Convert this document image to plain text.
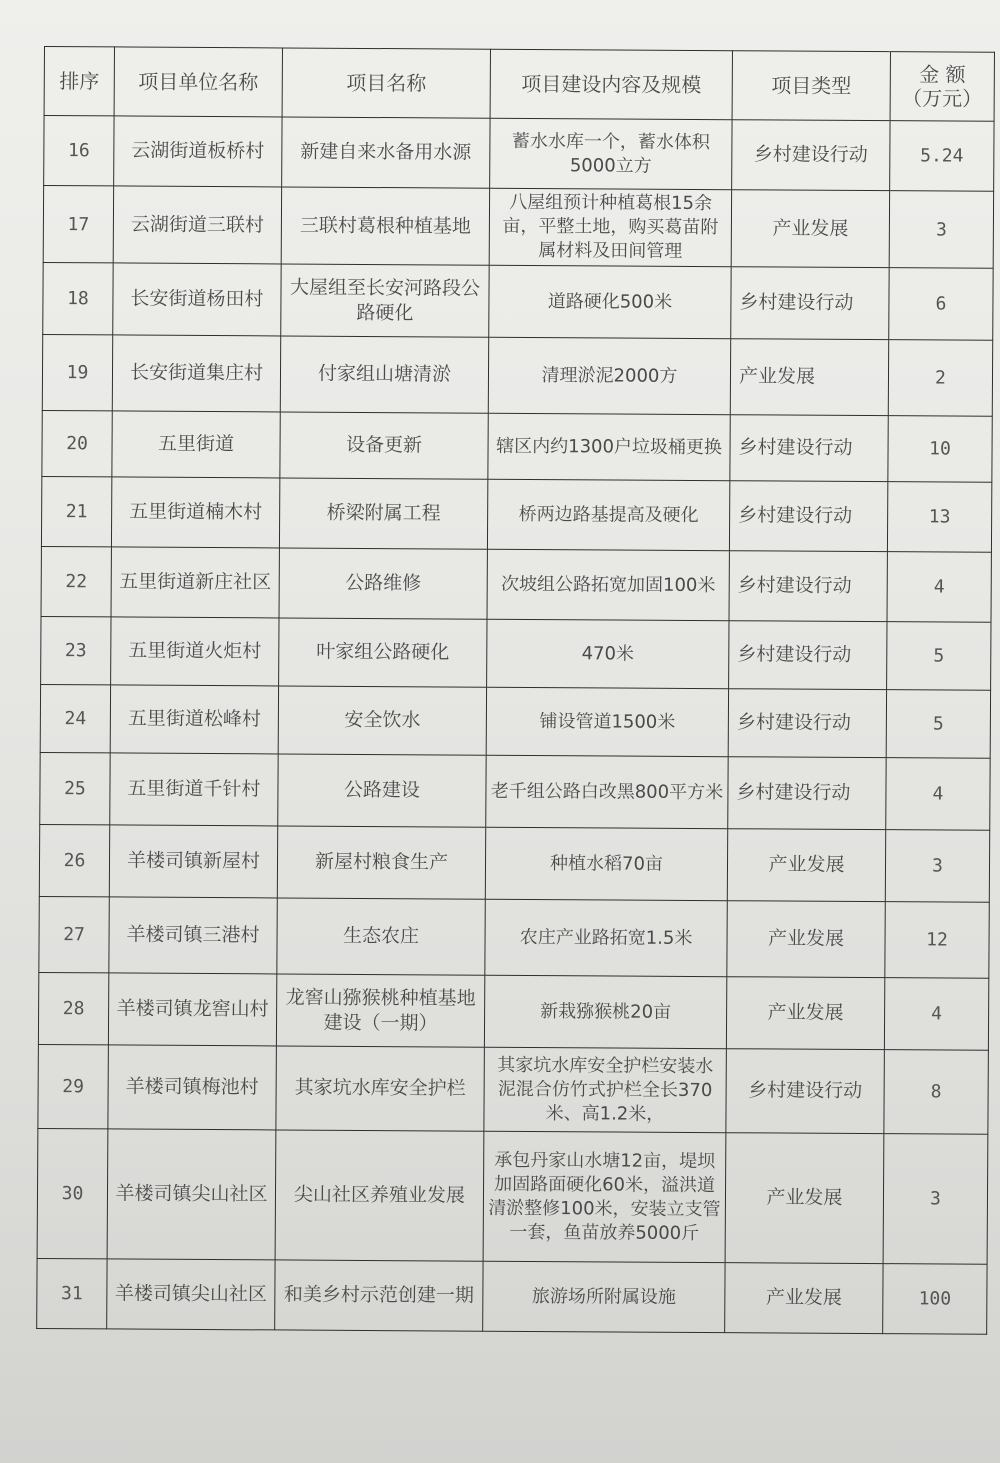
排序	项目单位名称	项目名称	项目建设内容及规模	项目类型	金 额
（万元）
16	云湖街道板桥村	新建自来水备用水源	蓄水水库一个，蓄水体积5000立方	乡村建设行动	5.24
17	云湖街道三联村	三联村葛根种植基地	八屋组预计种植葛根15余亩，平整土地，购买葛苗附属材料及田间管理	产业发展	3
18	长安街道杨田村	大屋组至长安河路段公路硬化	道路硬化500米	乡村建设行动	6
19	长安街道集庄村	付家组山塘清淤	清理淤泥2000方	产业发展	2
20	五里街道	设备更新	辖区内约1300户垃圾桶更换	乡村建设行动	10
21	五里街道楠木村	桥梁附属工程	桥两边路基提高及硬化	乡村建设行动	13
22	五里街道新庄社区	公路维修	次坡组公路拓宽加固100米	乡村建设行动	4
23	五里街道火炬村	叶家组公路硬化	470米	乡村建设行动	5
24	五里街道松峰村	安全饮水	铺设管道1500米	乡村建设行动	5
25	五里街道千针村	公路建设	老千组公路白改黑800平方米	乡村建设行动	4
26	羊楼司镇新屋村	新屋村粮食生产	种植水稻70亩	产业发展	3
27	羊楼司镇三港村	生态农庄	农庄产业路拓宽1.5米	产业发展	12
28	羊楼司镇龙窖山村	龙窖山猕猴桃种植基地建设（一期）	新栽猕猴桃20亩	产业发展	4
29	羊楼司镇梅池村	其家坑水库安全护栏	其家坑水库安全护栏安装水泥混合仿竹式护栏全长370米、高1.2米，	乡村建设行动	8
30	羊楼司镇尖山社区	尖山社区养殖业发展	承包丹家山水塘12亩，堤坝加固路面硬化60米，溢洪道清淤整修100米，安装立支管一套，鱼苗放养5000斤	产业发展	3
31	羊楼司镇尖山社区	和美乡村示范创建一期	旅游场所附属设施	产业发展	100
